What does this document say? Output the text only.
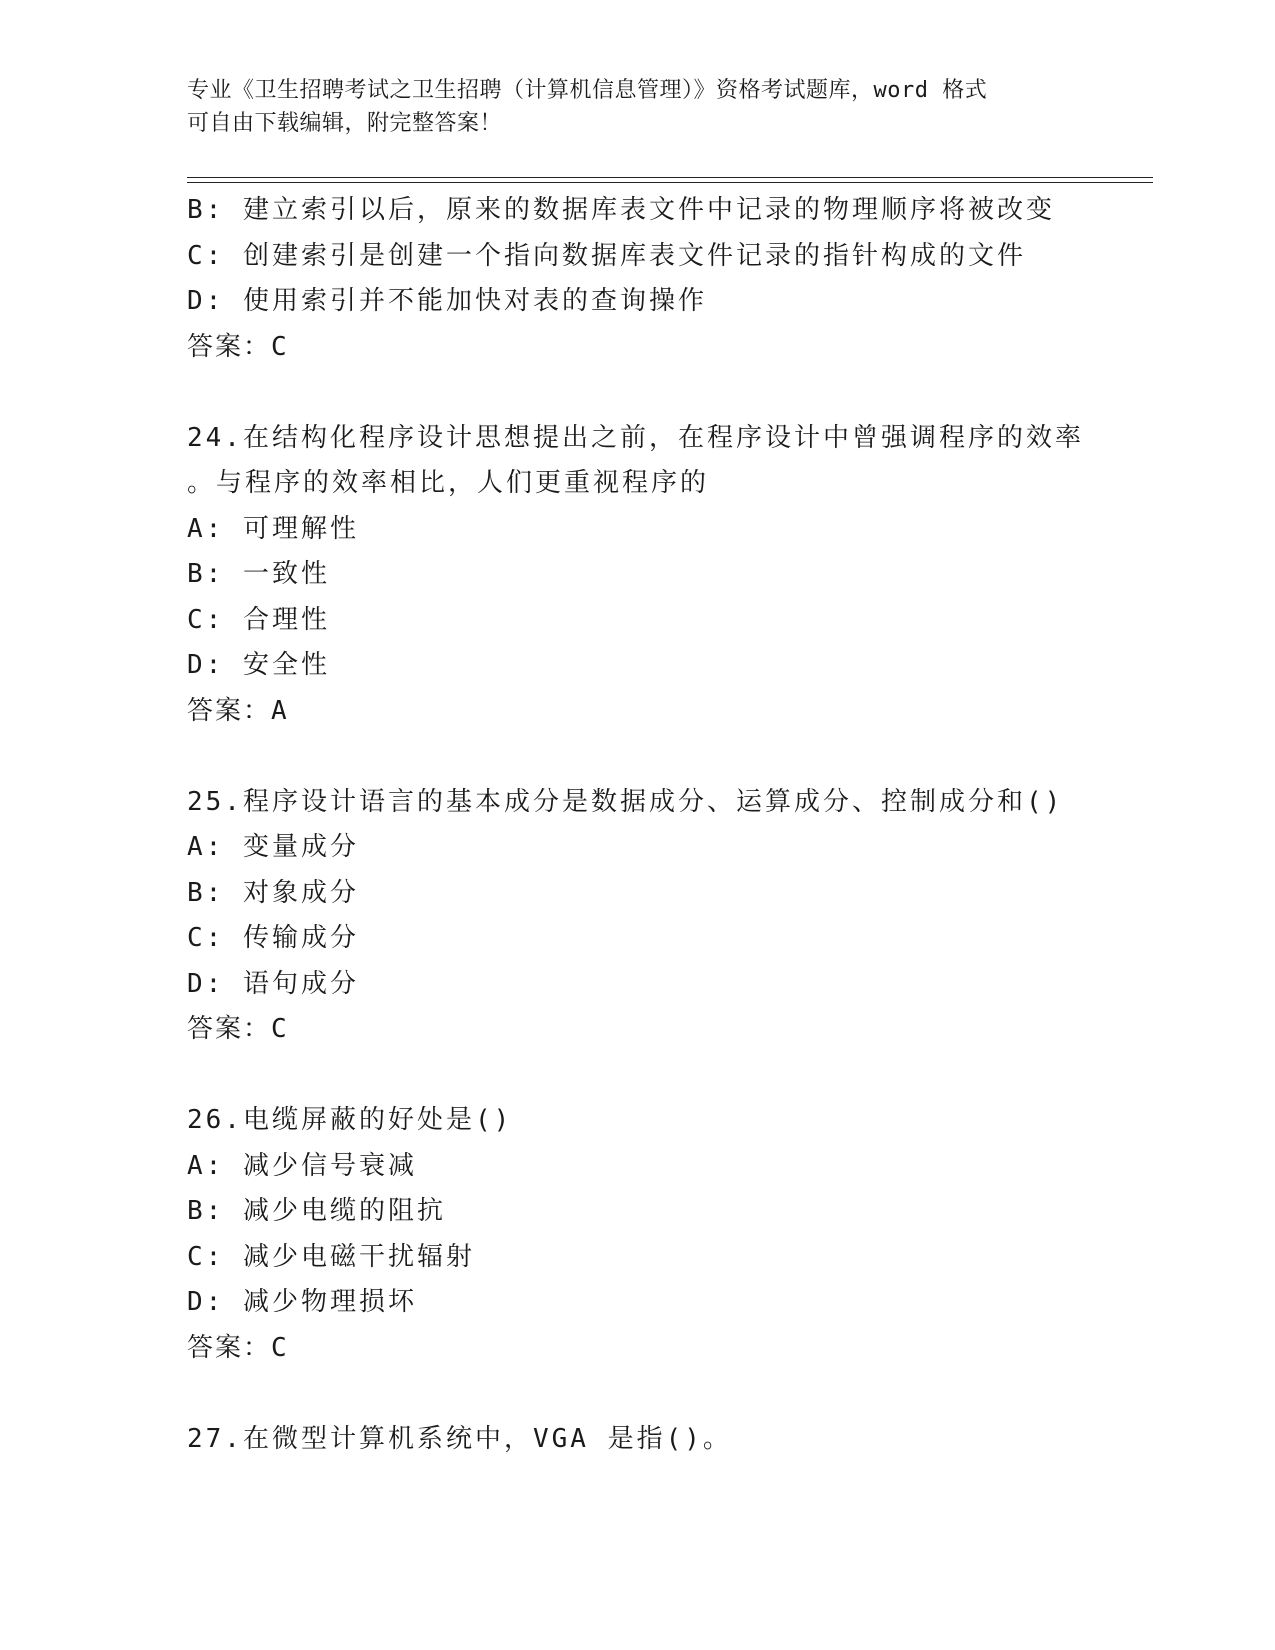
专业《卫生招聘考试之卫生招聘（计算机信息管理）》资格考试题库，word 格式
可自由下载编辑，附完整答案！
B: 建立索引以后，原来的数据库表文件中记录的物理顺序将被改变
C: 创建索引是创建一个指向数据库表文件记录的指针构成的文件
D: 使用索引并不能加快对表的查询操作
答案：C
24.在结构化程序设计思想提出之前，在程序设计中曾强调程序的效率
。与程序的效率相比，人们更重视程序的
A: 可理解性
B: 一致性
C: 合理性
D: 安全性
答案：A
25.程序设计语言的基本成分是数据成分、运算成分、控制成分和()
A: 变量成分
B: 对象成分
C: 传输成分
D: 语句成分
答案：C
26.电缆屏蔽的好处是()
A: 减少信号衰减
B: 减少电缆的阻抗
C: 减少电磁干扰辐射
D: 减少物理损坏
答案：C
27.在微型计算机系统中，VGA 是指()。
